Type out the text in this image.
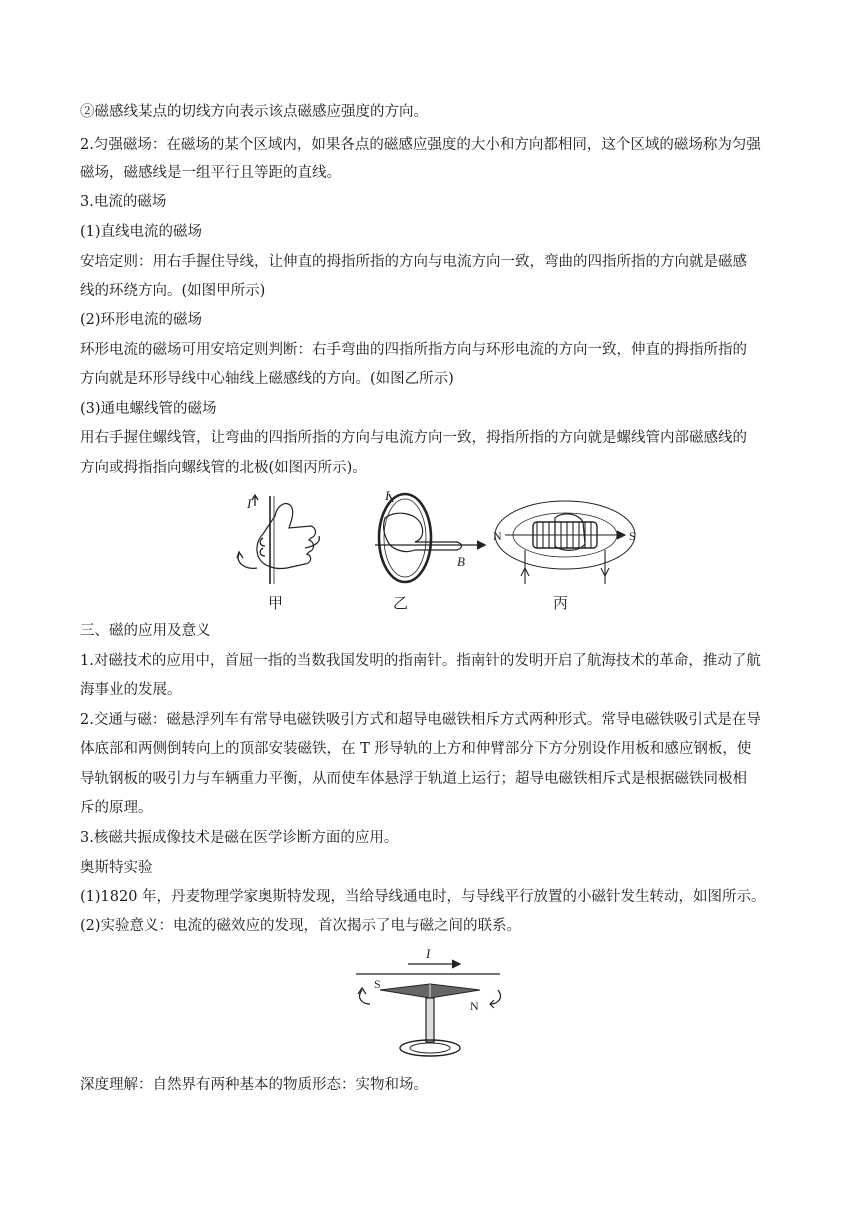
②磁感线某点的切线方向表示该点磁感应强度的方向。
2.匀强磁场：在磁场的某个区域内，如果各点的磁感应强度的大小和方向都相同，这个区域的磁场称为匀强
磁场，磁感线是一组平行且等距的直线。
3.电流的磁场
(1)直线电流的磁场
安培定则：用右手握住导线，让伸直的拇指所指的方向与电流方向一致，弯曲的四指所指的方向就是磁感
线的环绕方向。(如图甲所示)
(2)环形电流的磁场
环形电流的磁场可用安培定则判断：右手弯曲的四指所指方向与环形电流的方向一致，伸直的拇指所指的
方向就是环形导线中心轴线上磁感线的方向。(如图乙所示)
(3)通电螺线管的磁场
用右手握住螺线管，让弯曲的四指所指的方向与电流方向一致，拇指所指的方向就是螺线管内部磁感线的
方向或拇指指向螺线管的北极(如图丙所示)。
I
I
B
N	S
甲	乙	丙
三、磁的应用及意义
1.对磁技术的应用中，首屈一指的当数我国发明的指南针。指南针的发明开启了航海技术的革命，推动了航
海事业的发展。
2.交通与磁：磁悬浮列车有常导电磁铁吸引方式和超导电磁铁相斥方式两种形式。常导电磁铁吸引式是在导
体底部和两侧倒转向上的顶部安装磁铁，在 T 形导轨的上方和伸臂部分下方分别设作用板和感应钢板，使
导轨钢板的吸引力与车辆重力平衡，从而使车体悬浮于轨道上运行；超导电磁铁相斥式是根据磁铁同极相
斥的原理。
3.核磁共振成像技术是磁在医学诊断方面的应用。
奥斯特实验
(1)1820 年，丹麦物理学家奥斯特发现，当给导线通电时，与导线平行放置的小磁针发生转动，如图所示。
(2)实验意义：电流的磁效应的发现，首次揭示了电与磁之间的联系。
I
S
N
深度理解：自然界有两种基本的物质形态：实物和场。
